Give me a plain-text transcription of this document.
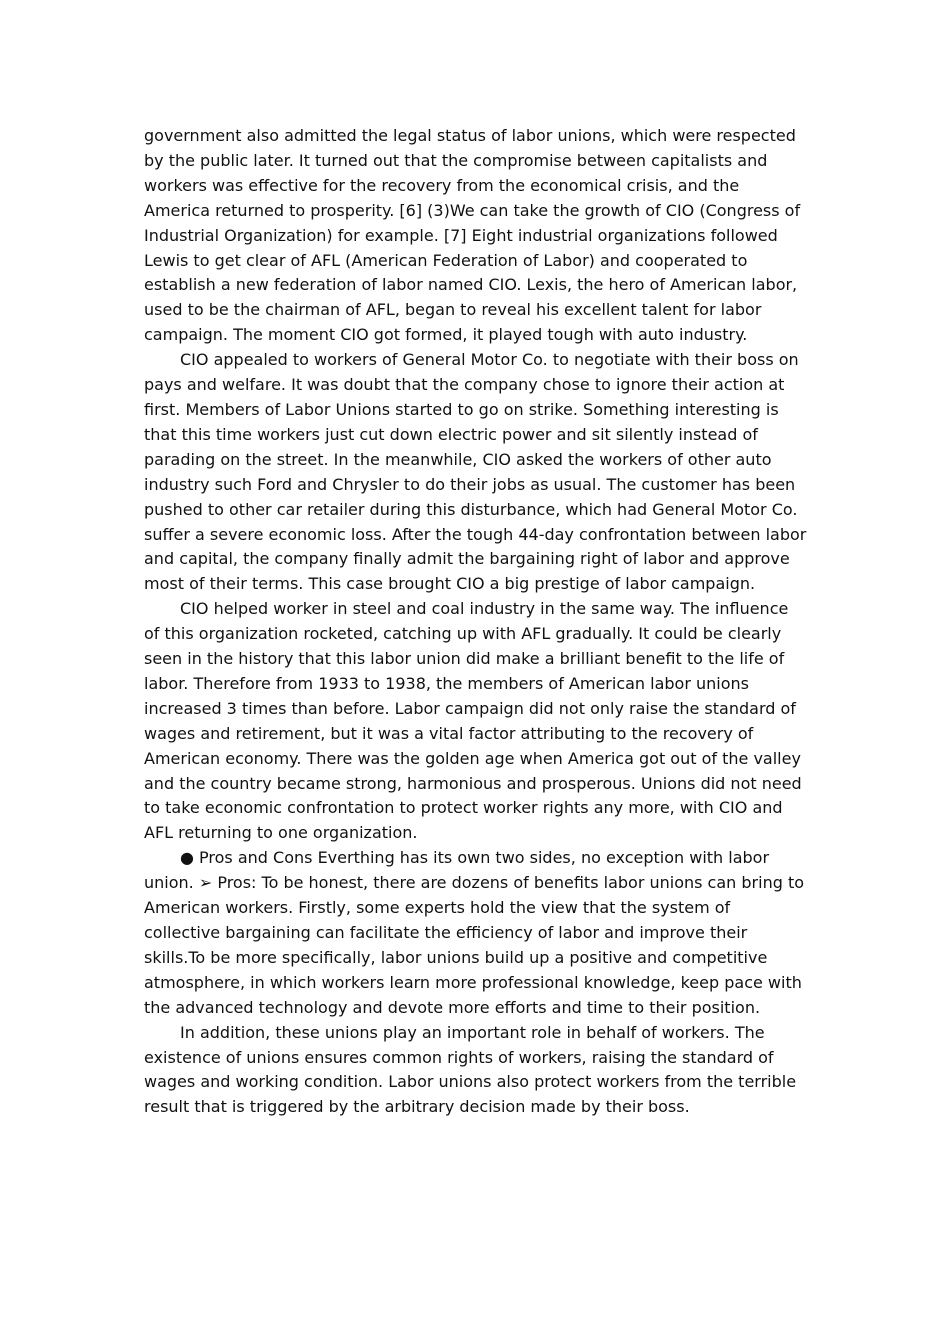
government also admitted the legal status of labor unions, which were respected by the public later. It turned out that the compromise between capitalists and workers was effective for the recovery from the economical crisis, and the America returned to prosperity. [6] (3)We can take the growth of CIO (Congress of Industrial Organization) for example. [7] Eight industrial organizations followed Lewis to get clear of AFL (American Federation of Labor) and cooperated to establish a new federation of labor named CIO. Lexis, the hero of American labor, used to be the chairman of AFL, began to reveal his excellent talent for labor campaign. The moment CIO got formed, it played tough with auto industry.

CIO appealed to workers of General Motor Co. to negotiate with their boss on pays and welfare. It was doubt that the company chose to ignore their action at first. Members of Labor Unions started to go on strike. Something interesting is that this time workers just cut down electric power and sit silently instead of parading on the street. In the meanwhile, CIO asked the workers of other auto industry such Ford and Chrysler to do their jobs as usual. The customer has been pushed to other car retailer during this disturbance, which had General Motor Co. suffer a severe economic loss. After the tough 44-day confrontation between labor and capital, the company finally admit the bargaining right of labor and approve most of their terms. This case brought CIO a big prestige of labor campaign.

CIO helped worker in steel and coal industry in the same way. The influence of this organization rocketed, catching up with AFL gradually. It could be clearly seen in the history that this labor union did make a brilliant benefit to the life of labor. Therefore from 1933 to 1938, the members of American labor unions increased 3 times than before. Labor campaign did not only raise the standard of wages and retirement, but it was a vital factor attributing to the recovery of American economy. There was the golden age when America got out of the valley and the country became strong, harmonious and prosperous. Unions did not need to take economic confrontation to protect worker rights any more, with CIO and AFL returning to one organization.

● Pros and Cons Everthing has its own two sides, no exception with labor union. ➢ Pros: To be honest, there are dozens of benefits labor unions can bring to American workers. Firstly, some experts hold the view that the system of collective bargaining can facilitate the efficiency of labor and improve their skills.To be more specifically, labor unions build up a positive and competitive atmosphere, in which workers learn more professional knowledge, keep pace with the advanced technology and devote more efforts and time to their position.

In addition, these unions play an important role in behalf of workers. The existence of unions ensures common rights of workers, raising the standard of wages and working condition. Labor unions also protect workers from the terrible result that is triggered by the arbitrary decision made by their boss.
